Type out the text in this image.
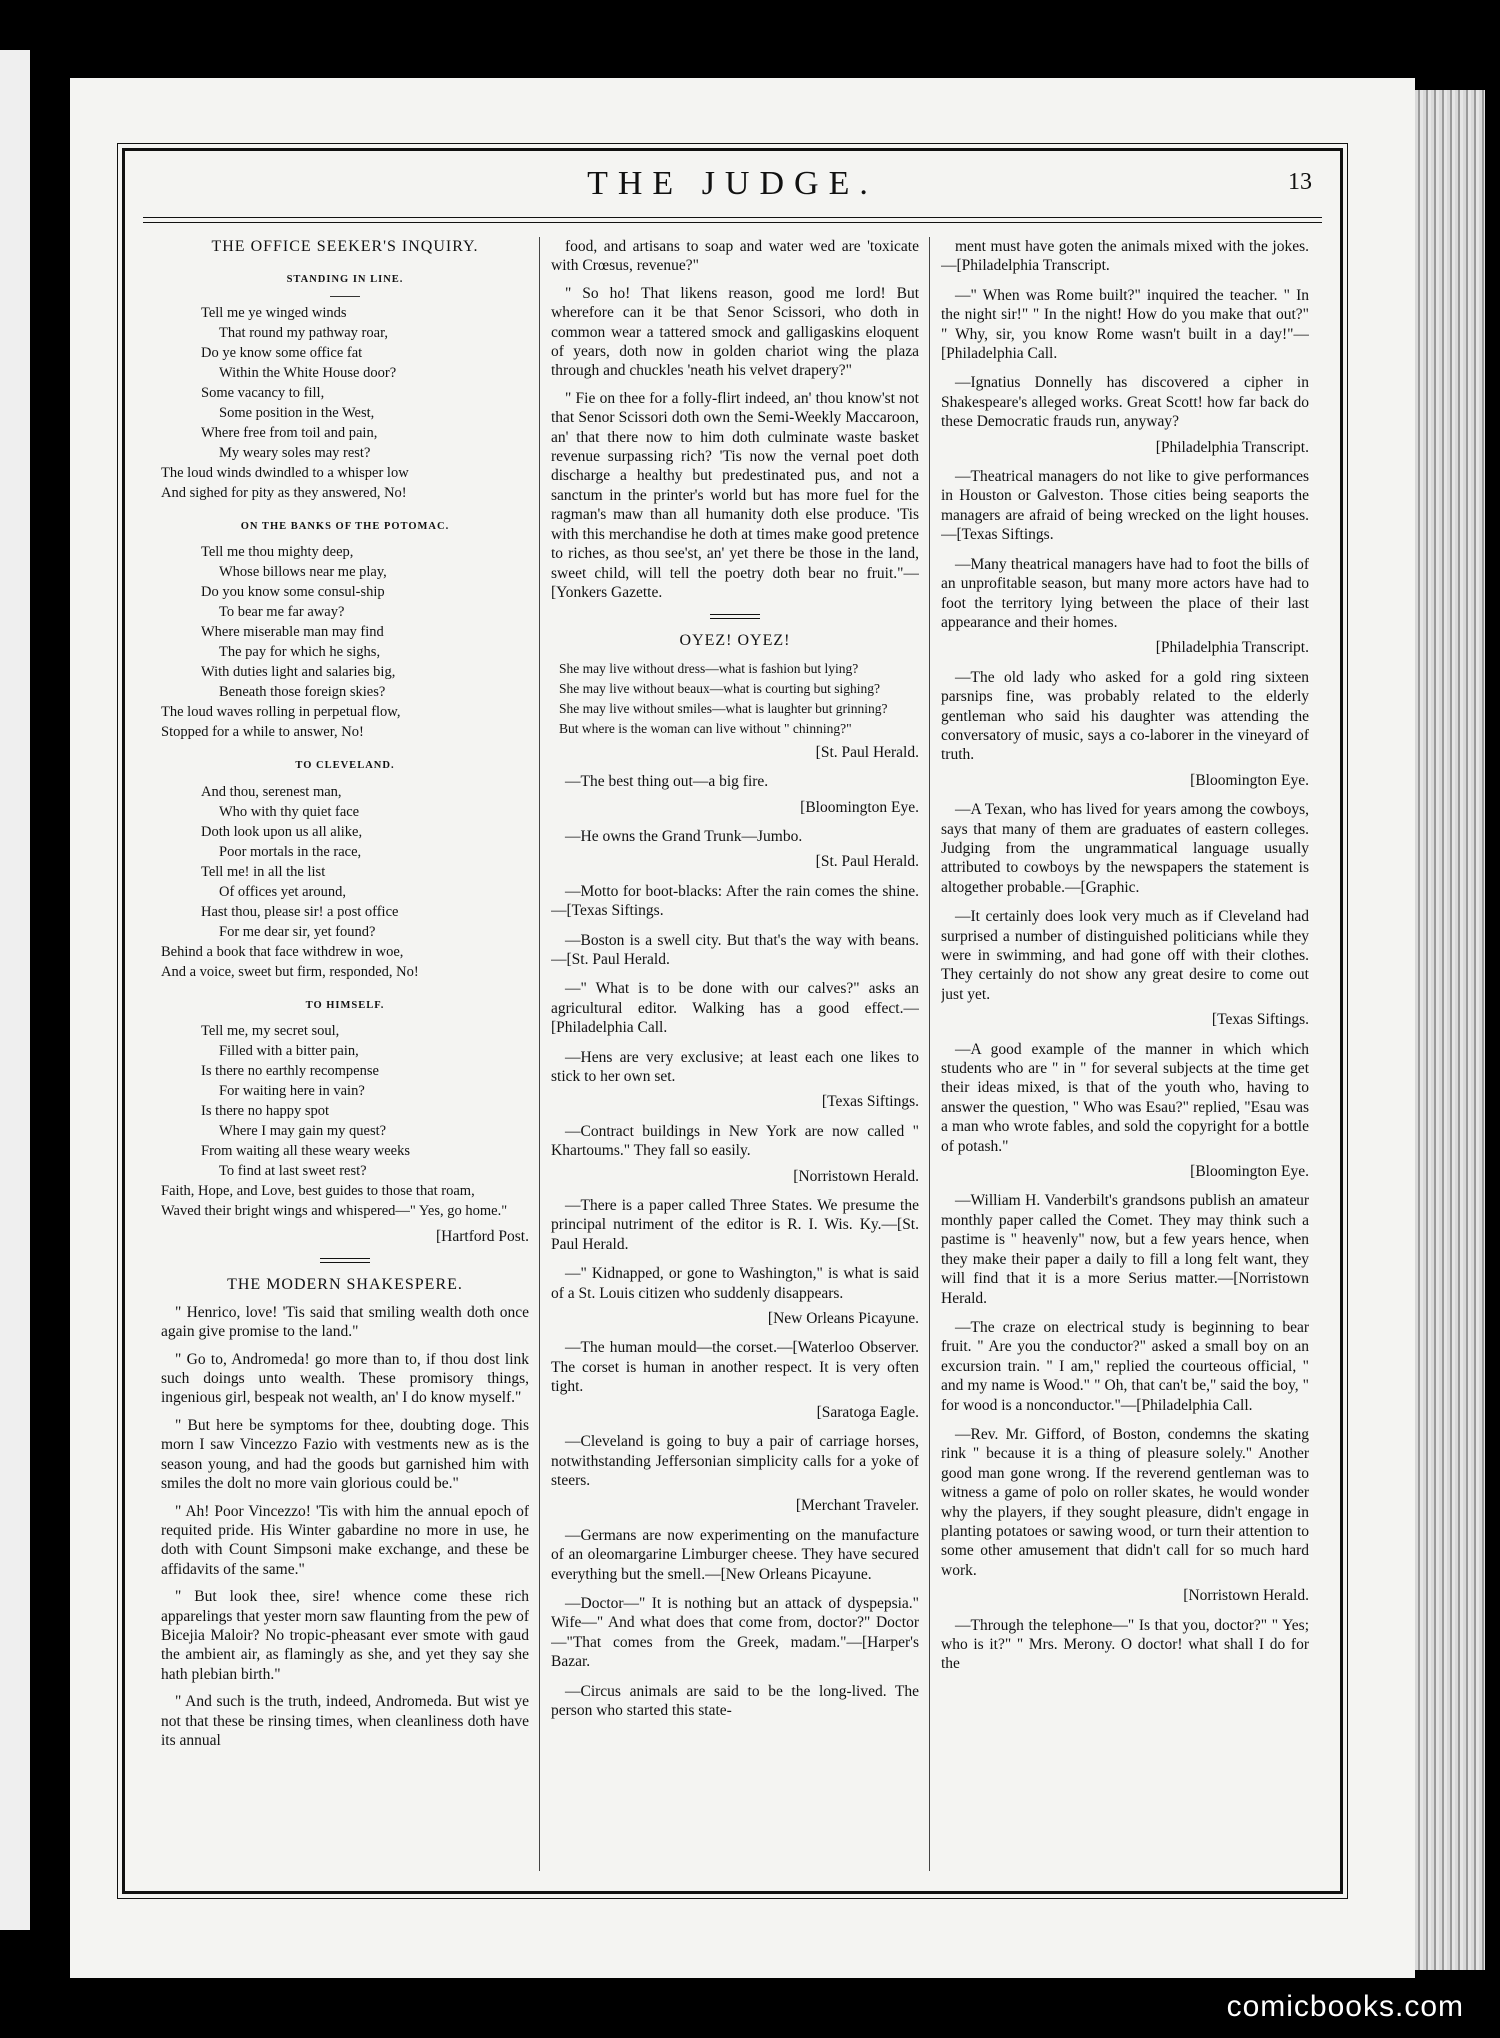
THE JUDGE.	13
THE OFFICE SEEKER'S INQUIRY.
STANDING IN LINE.

Tell me ye winged winds

That round my pathway roar,

Do ye know some office fat

Within the White House door?

Some vacancy to fill,

Some position in the West,

Where free from toil and pain,

My weary soles may rest?

The loud winds dwindled to a whisper low

And sighed for pity as they answered, No!

ON THE BANKS OF THE POTOMAC.

Tell me thou mighty deep,

Whose billows near me play,

Do you know some consul-ship

To bear me far away?

Where miserable man may find

The pay for which he sighs,

With duties light and salaries big,

Beneath those foreign skies?

The loud waves rolling in perpetual flow,

Stopped for a while to answer, No!

TO CLEVELAND.

And thou, serenest man,

Who with thy quiet face

Doth look upon us all alike,

Poor mortals in the race,

Tell me! in all the list

Of offices yet around,

Hast thou, please sir! a post office

For me dear sir, yet found?

Behind a book that face withdrew in woe,

And a voice, sweet but firm, responded, No!

TO HIMSELF.

Tell me, my secret soul,

Filled with a bitter pain,

Is there no earthly recompense

For waiting here in vain?

Is there no happy spot

Where I may gain my quest?

From waiting all these weary weeks

To find at last sweet rest?

Faith, Hope, and Love, best guides to those that roam,

Waved their bright wings and whispered—" Yes, go home."

[Hartford Post.
THE MODERN SHAKESPERE.

" Henrico, love! 'Tis said that smiling wealth doth once again give promise to the land."

" Go to, Andromeda! go more than to, if thou dost link such doings unto wealth. These promisory things, ingenious girl, bespeak not wealth, an' I do know myself."

" But here be symptoms for thee, doubting doge. This morn I saw Vincezzo Fazio with vestments new as is the season young, and had the goods but garnished him with smiles the dolt no more vain glorious could be."

" Ah! Poor Vincezzo! 'Tis with him the annual epoch of requited pride. His Winter gabardine no more in use, he doth with Count Simpsoni make exchange, and these be affidavits of the same."

" But look thee, sire! whence come these rich apparelings that yester morn saw flaunting from the pew of Bicejia Maloir? No tropic-pheasant ever smote with gaud the ambient air, as flamingly as she, and yet they say she hath plebian birth."

" And such is the truth, indeed, Andromeda. But wist ye not that these be rinsing times, when cleanliness doth have its annual

food, and artisans to soap and water wed are 'toxicate with Crœsus, revenue?"

" So ho! That likens reason, good me lord! But wherefore can it be that Senor Scissori, who doth in common wear a tattered smock and galligaskins eloquent of years, doth now in golden chariot wing the plaza through and chuckles 'neath his velvet drapery?"

" Fie on thee for a folly-flirt indeed, an' thou know'st not that Senor Scissori doth own the Semi-Weekly Maccaroon, an' that there now to him doth culminate waste basket revenue surpassing rich? 'Tis now the vernal poet doth discharge a healthy but predestinated pus, and not a sanctum in the printer's world but has more fuel for the ragman's maw than all humanity doth else produce. 'Tis with this merchandise he doth at times make good pretence to riches, as thou see'st, an' yet there be those in the land, sweet child, will tell the poetry doth bear no fruit."—[Yonkers Gazette.

OYEZ! OYEZ!

She may live without dress—what is fashion but lying?

She may live without beaux—what is courting but sighing?

She may live without smiles—what is laughter but grinning?

But where is the woman can live without " chinning?"

[St. Paul Herald.
—The best thing out—a big fire.
[Bloomington Eye.
—He owns the Grand Trunk—Jumbo.
[St. Paul Herald.
—Motto for boot-blacks: After the rain comes the shine.—[Texas Siftings.
—Boston is a swell city. But that's the way with beans.—[St. Paul Herald.
—" What is to be done with our calves?" asks an agricultural editor. Walking has a good effect.—[Philadelphia Call.
—Hens are very exclusive; at least each one likes to stick to her own set.
[Texas Siftings.
—Contract buildings in New York are now called " Khartoums." They fall so easily.
[Norristown Herald.
—There is a paper called Three States. We presume the principal nutriment of the editor is R. I. Wis. Ky.—[St. Paul Herald.
—" Kidnapped, or gone to Washington," is what is said of a St. Louis citizen who suddenly disappears.
[New Orleans Picayune.
—The human mould—the corset.—[Waterloo Observer. The corset is human in another respect. It is very often tight.
[Saratoga Eagle.
—Cleveland is going to buy a pair of carriage horses, notwithstanding Jeffersonian simplicity calls for a yoke of steers.
[Merchant Traveler.
—Germans are now experimenting on the manufacture of an oleomargarine Limburger cheese. They have secured everything but the smell.—[New Orleans Picayune.
—Doctor—" It is nothing but an attack of dyspepsia." Wife—" And what does that come from, doctor?" Doctor—"That comes from the Greek, madam."—[Harper's Bazar.
—Circus animals are said to be the long-lived. The person who started this state-
ment must have goten the animals mixed with the jokes.—[Philadelphia Transcript.
—" When was Rome built?" inquired the teacher. " In the night sir!" " In the night! How do you make that out?" " Why, sir, you know Rome wasn't built in a day!"—[Philadelphia Call.
—Ignatius Donnelly has discovered a cipher in Shakespeare's alleged works. Great Scott! how far back do these Democratic frauds run, anyway?
[Philadelphia Transcript.
—Theatrical managers do not like to give performances in Houston or Galveston. Those cities being seaports the managers are afraid of being wrecked on the light houses.—[Texas Siftings.
—Many theatrical managers have had to foot the bills of an unprofitable season, but many more actors have had to foot the territory lying between the place of their last appearance and their homes.
[Philadelphia Transcript.
—The old lady who asked for a gold ring sixteen parsnips fine, was probably related to the elderly gentleman who said his daughter was attending the conversatory of music, says a co-laborer in the vineyard of truth.
[Bloomington Eye.
—A Texan, who has lived for years among the cowboys, says that many of them are graduates of eastern colleges. Judging from the ungrammatical language usually attributed to cowboys by the newspapers the statement is altogether probable.—[Graphic.
—It certainly does look very much as if Cleveland had surprised a number of distinguished politicians while they were in swimming, and had gone off with their clothes. They certainly do not show any great desire to come out just yet.
[Texas Siftings.
—A good example of the manner in which which students who are " in " for several subjects at the time get their ideas mixed, is that of the youth who, having to answer the question, " Who was Esau?" replied, "Esau was a man who wrote fables, and sold the copyright for a bottle of potash."
[Bloomington Eye.
—William H. Vanderbilt's grandsons publish an amateur monthly paper called the Comet. They may think such a pastime is " heavenly" now, but a few years hence, when they make their paper a daily to fill a long felt want, they will find that it is a more Serius matter.—[Norristown Herald.
—The craze on electrical study is beginning to bear fruit. " Are you the conductor?" asked a small boy on an excursion train. " I am," replied the courteous official, " and my name is Wood." " Oh, that can't be," said the boy, " for wood is a nonconductor."—[Philadelphia Call.
—Rev. Mr. Gifford, of Boston, condemns the skating rink " because it is a thing of pleasure solely." Another good man gone wrong. If the reverend gentleman was to witness a game of polo on roller skates, he would wonder why the players, if they sought pleasure, didn't engage in planting potatoes or sawing wood, or turn their attention to some other amusement that didn't call for so much hard work.
[Norristown Herald.
—Through the telephone—" Is that you, doctor?" " Yes; who is it?" " Mrs. Merony. O doctor! what shall I do for the
comicbooks.com
